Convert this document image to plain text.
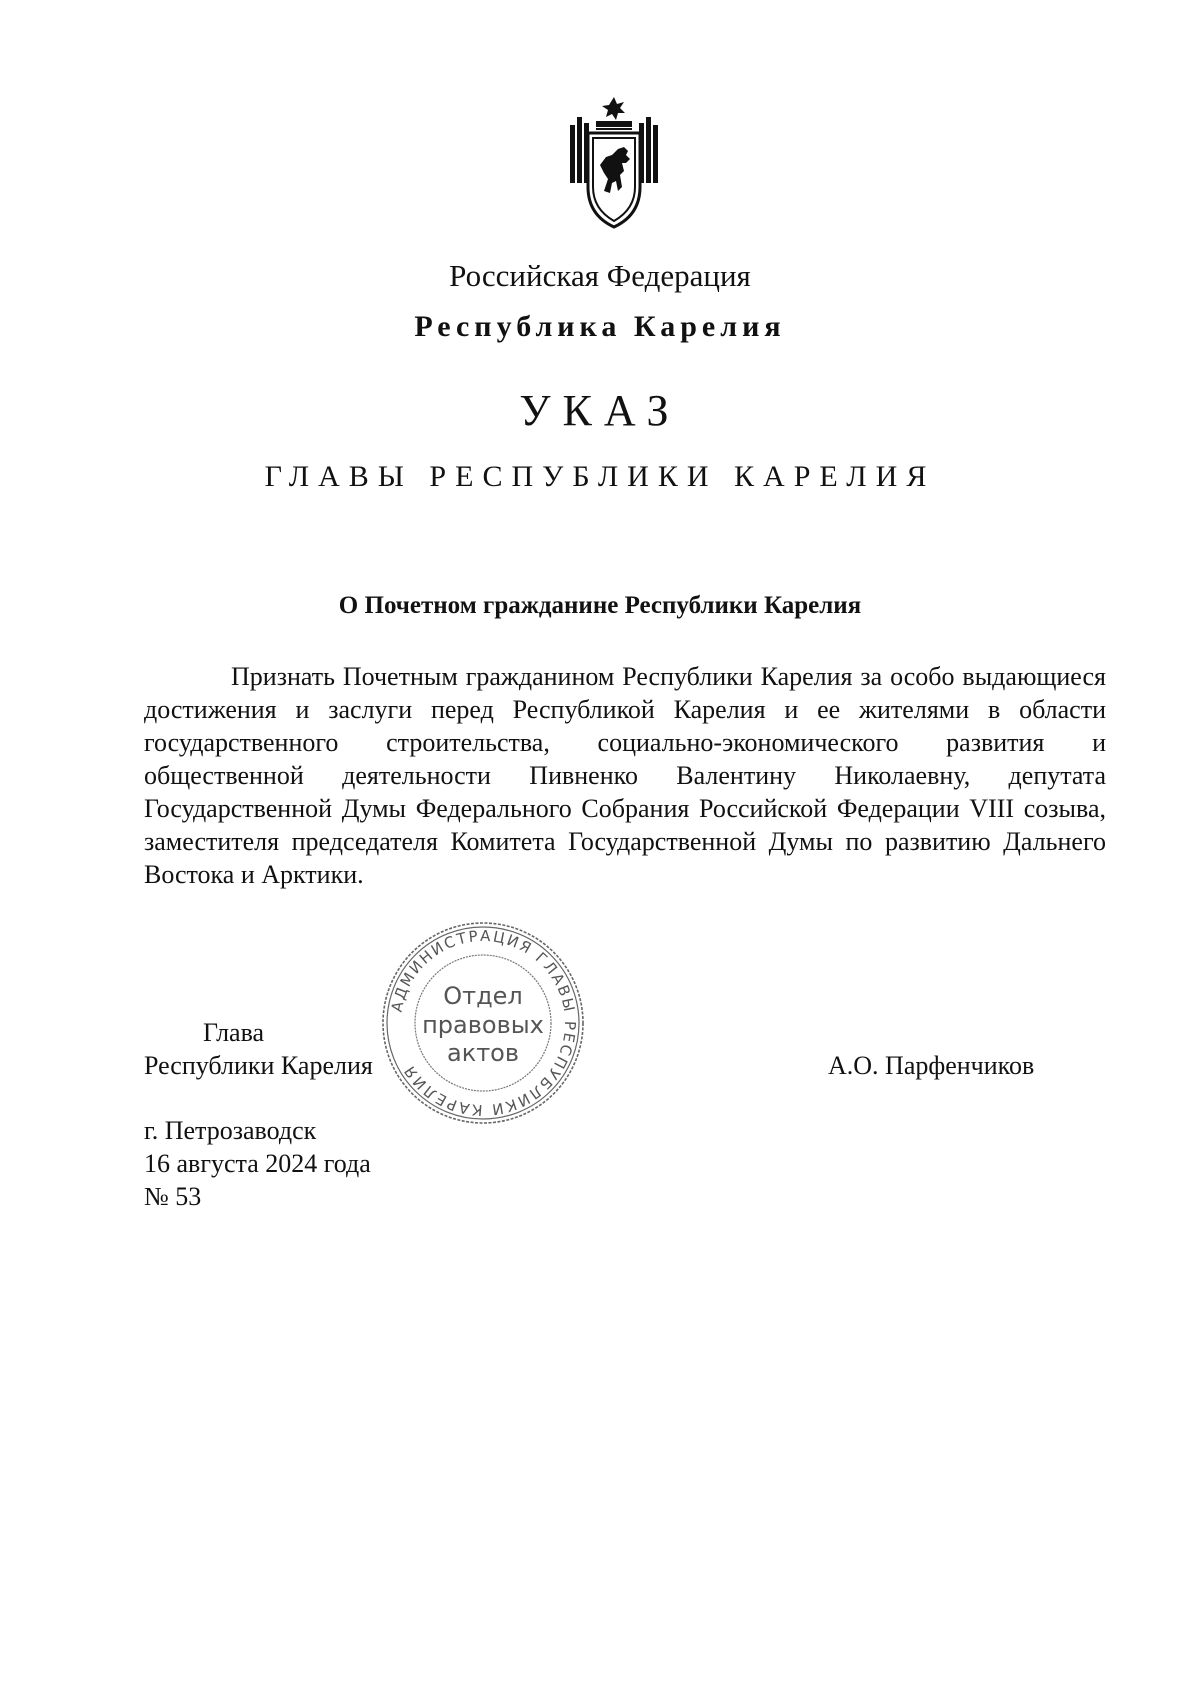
Российская Федерация
Республика Карелия
УКАЗ
ГЛАВЫ РЕСПУБЛИКИ КАРЕЛИЯ
О Почетном гражданине Республики Карелия

Признать Почетным гражданином Республики Карелия за особо выдающиеся достижения и заслуги перед Республикой Карелия и ее жителями в области государственного строительства, социально-экономического развития и общественной деятельности Пивненко Валентину Николаевну, депутата Государственной Думы Федерального Собрания Российской Федерации VIII созыва, заместителя председателя Комитета Государственной Думы по развитию Дальнего Востока и Арктики.

Глава
Республики Карелия	А.О. Парфенчиков
АДМИНИСТРАЦИЯ ГЛАВЫ РЕСПУБЛИКИ КАРЕЛИЯ
Отдел
правовых
актов
г. Петрозаводск
16 августа 2024 года
№ 53
